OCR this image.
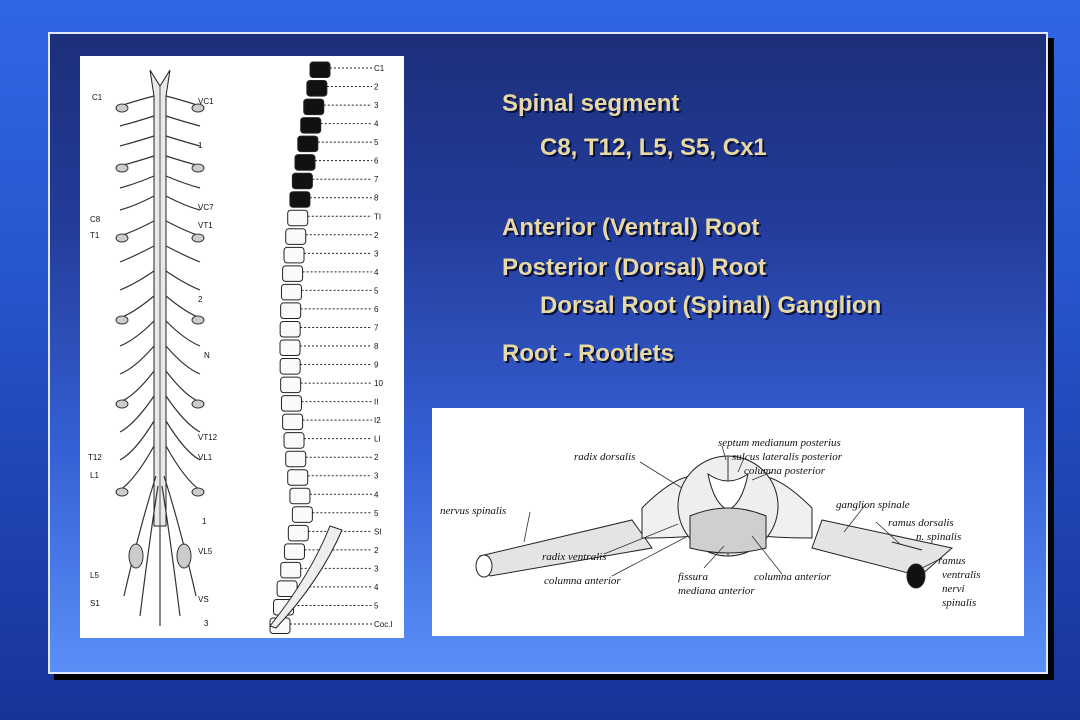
C1	VC1
1
VC7
C8
VT1
T1
2
N
VT12
T12	VL1
L1
1
VL5
L5
VS
S1
3
C1
2
3
4
5
6
7
8
TI
2
3
4
5
6
7
8
9
10
II
I2
LI
2
3
4
5
SI
2
3
4
5
Coc.I
Spinal segment
C8, T12, L5, S5, Cx1
Anterior (Ventral) Root
Posterior (Dorsal) Root
Dorsal Root (Spinal) Ganglion
Root - Rootlets
radix dorsalis
septum medianum posterius
sulcus lateralis posterior
columna posterior
nervus spinalis	ganglion spinale
ramus dorsalis
n. spinalis
radix ventralis
columna anterior	fissura
mediana anterior
columna anterior
ramus
ventralis
nervi
spinalis
